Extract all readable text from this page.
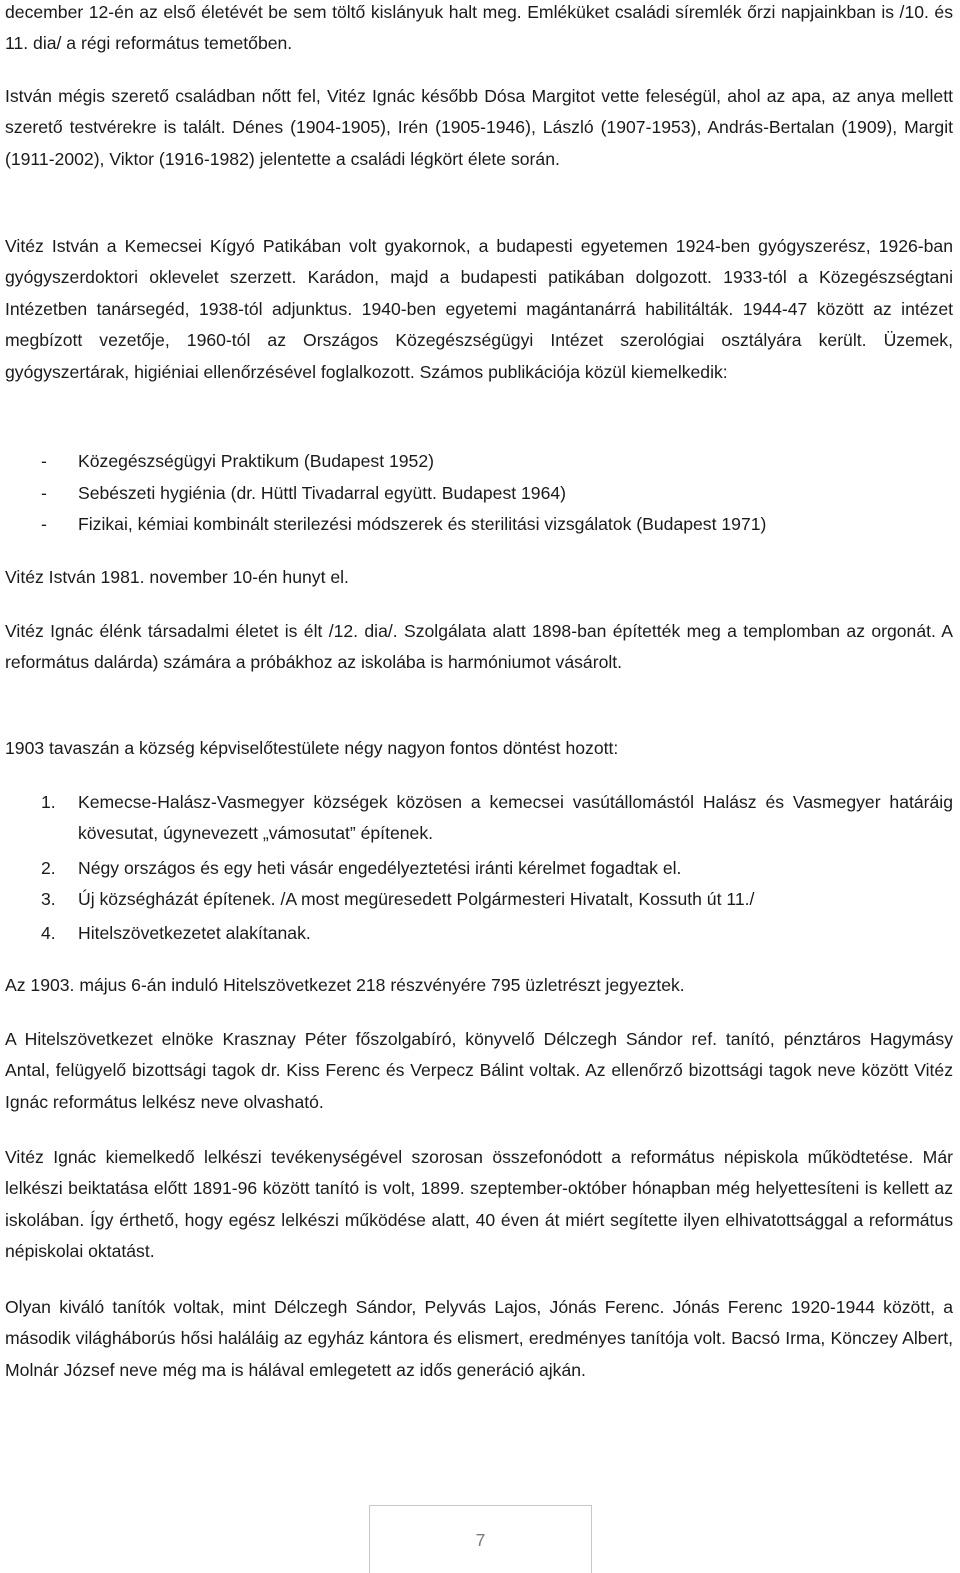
december 12-én az első életévét be sem töltő kislányuk halt meg. Emléküket családi síremlék őrzi napjainkban is /10. és 11. dia/ a régi református temetőben.

István mégis szerető családban nőtt fel, Vitéz Ignác később Dósa Margitot vette feleségül, ahol az apa, az anya mellett szerető testvérekre is talált. Dénes (1904-1905), Irén (1905-1946), László (1907-1953), András-Bertalan (1909), Margit (1911-2002), Viktor (1916-1982) jelentette a családi légkört élete során.

Vitéz István a Kemecsei Kígyó Patikában volt gyakornok, a budapesti egyetemen 1924-ben gyógyszerész, 1926-ban gyógyszerdoktori oklevelet szerzett. Karádon, majd a budapesti patikában dolgozott. 1933-tól a Közegészségtani Intézetben tanársegéd, 1938-tól adjunktus. 1940-ben egyetemi magántanárrá habilitálták. 1944-47 között az intézet megbízott vezetője, 1960-tól az Országos Közegészségügyi Intézet szerológiai osztályára került. Üzemek, gyógyszertárak, higiéniai ellenőrzésével foglalkozott. Számos publikációja közül kiemelkedik:

- Közegészségügyi Praktikum (Budapest 1952)
- Sebészeti hygiénia (dr. Hüttl Tivadarral együtt. Budapest 1964)
- Fizikai, kémiai kombinált sterilezési módszerek és sterilitási vizsgálatok (Budapest 1971)

Vitéz István 1981. november 10-én hunyt el.

Vitéz Ignác élénk társadalmi életet is élt /12. dia/. Szolgálata alatt 1898-ban építették meg a templomban az orgonát. A református dalárda) számára a próbákhoz az iskolába is harmóniumot vásárolt.

1903 tavaszán a község képviselőtestülete négy nagyon fontos döntést hozott:

1. Kemecse-Halász-Vasmegyer községek közösen a kemecsei vasútállomástól Halász és Vasmegyer határáig kövesutat, úgynevezett „vámosutat” építenek.
2. Négy országos és egy heti vásár engedélyeztetési iránti kérelmet fogadtak el.
3. Új községházát építenek. /A most megüresedett Polgármesteri Hivatalt, Kossuth út 11./
4. Hitelszövetkezetet alakítanak.

Az 1903. május 6-án induló Hitelszövetkezet 218 részvényére 795 üzletrészt jegyeztek.

A Hitelszövetkezet elnöke Krasznay Péter főszolgabíró, könyvelő Délczegh Sándor ref. tanító, pénztáros Hagymásy Antal, felügyelő bizottsági tagok dr. Kiss Ferenc és Verpecz Bálint voltak. Az ellenőrző bizottsági tagok neve között Vitéz Ignác református lelkész neve olvasható.

Vitéz Ignác kiemelkedő lelkészi tevékenységével szorosan összefonódott a református népiskola működtetése. Már lelkészi beiktatása előtt 1891-96 között tanító is volt, 1899. szeptember-október hónapban még helyettesíteni is kellett az iskolában. Így érthető, hogy egész lelkészi működése alatt, 40 éven át miért segítette ilyen elhivatottsággal a református népiskolai oktatást.

Olyan kiváló tanítók voltak, mint Délczegh Sándor, Pelyvás Lajos, Jónás Ferenc. Jónás Ferenc 1920-1944 között, a második világháborús hősi haláláig az egyház kántora és elismert, eredményes tanítója volt. Bacsó Irma, Könczey Albert, Molnár József neve még ma is hálával emlegetett az idős generáció ajkán.

7
